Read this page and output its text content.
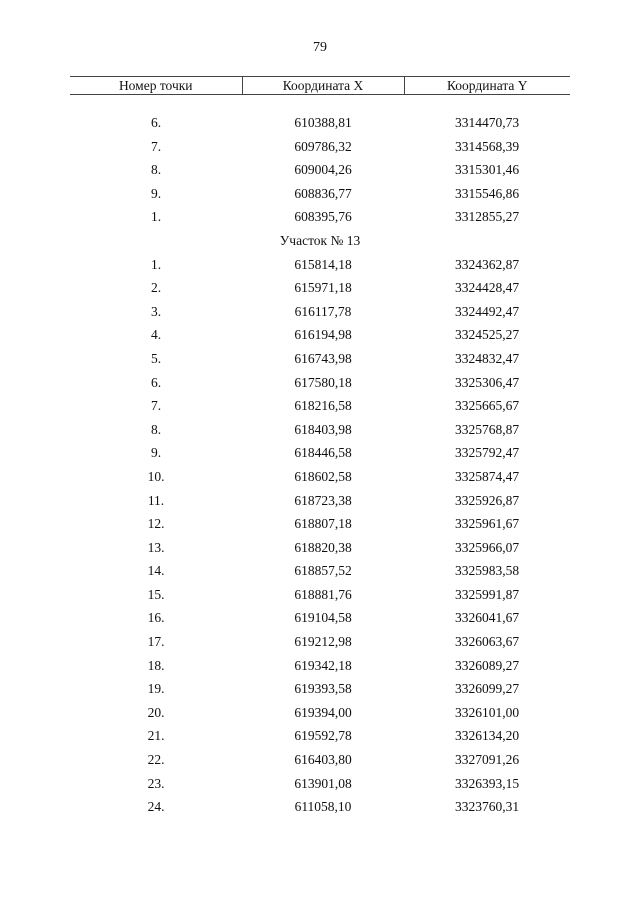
79
Номер точки	Координата X	Координата Y

6.	610388,81	3314470,73
7.	609786,32	3314568,39
8.	609004,26	3315301,46
9.	608836,77	3315546,86
1.	608395,76	3312855,27
Участок № 13		
1.	615814,18	3324362,87
2.	615971,18	3324428,47
3.	616117,78	3324492,47
4.	616194,98	3324525,27
5.	616743,98	3324832,47
6.	617580,18	3325306,47
7.	618216,58	3325665,67
8.	618403,98	3325768,87
9.	618446,58	3325792,47
10.	618602,58	3325874,47
11.	618723,38	3325926,87
12.	618807,18	3325961,67
13.	618820,38	3325966,07
14.	618857,52	3325983,58
15.	618881,76	3325991,87
16.	619104,58	3326041,67
17.	619212,98	3326063,67
18.	619342,18	3326089,27
19.	619393,58	3326099,27
20.	619394,00	3326101,00
21.	619592,78	3326134,20
22.	616403,80	3327091,26
23.	613901,08	3326393,15
24.	611058,10	3323760,31
